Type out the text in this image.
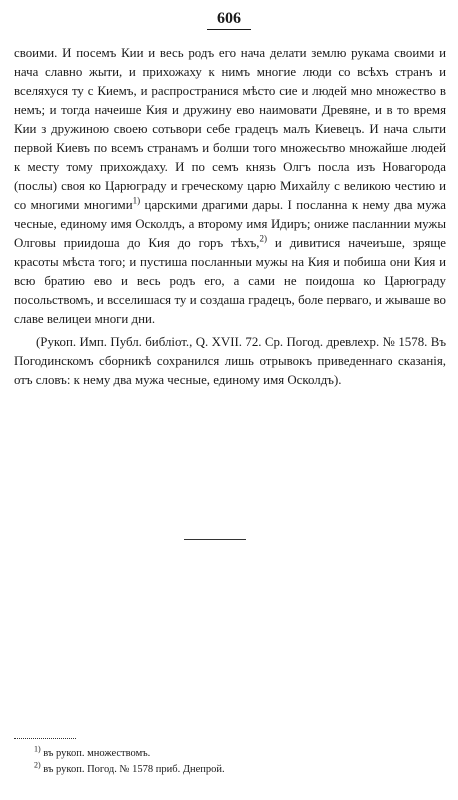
606

своими. И посемъ Кии и весь родъ его нача делати землю рукама своими и нача славно жыти, и прихожаху к нимъ многие люди со всѣхъ странъ и вселяхуся ту с Киемъ, и распространися мѣсто сие и людей мно множество в немъ; и тогда начеише Кия и дружину ево наимовати Древяне, и в то время Кии з дружиною своею сотьвори себе градецъ малъ Киевецъ. И нача слыти первой Киевъ по всемъ странамъ и болши того множесьтво множайше людей к месту тому прихождаху. И по семъ князь Олгъ посла изъ Новагорода (послы) своя ко Царюграду и греческому царю Михайлу с великою честию и со многими многими$^{1)}$ царскими драгими дары. I посланна к нему два мужа чесные, единому имя Осколдъ, а второму имя Идиръ; ониже пасланнии мужы Олговы приидоша до Кия до горъ тѣхъ,$^{2)}$ и дивитися начеиъше, зряще красоты мѣста того; и пустиша посланныи мужы на Кия и побиша они Кия и всю братию ево и весь родъ его, а сами не поидоша ко Царюграду посольствомъ, и всселишася ту и создаша градецъ, боле перваго, и жываше во славе велицеи многи дни.

(Рукоп. Имп. Публ. библіот., Q. XVII. 72. Ср. Погод. древлехр. № 1578. Въ Погодинскомъ сборникѣ сохранился лишь отрывокъ приведеннаго сказанія, отъ словъ: к нему два мужа чесные, единому имя Осколдъ).

$^{1)}$ въ рукоп. множествомъ.
$^{2)}$ въ рукоп. Погод. № 1578 приб. Днепрой.
